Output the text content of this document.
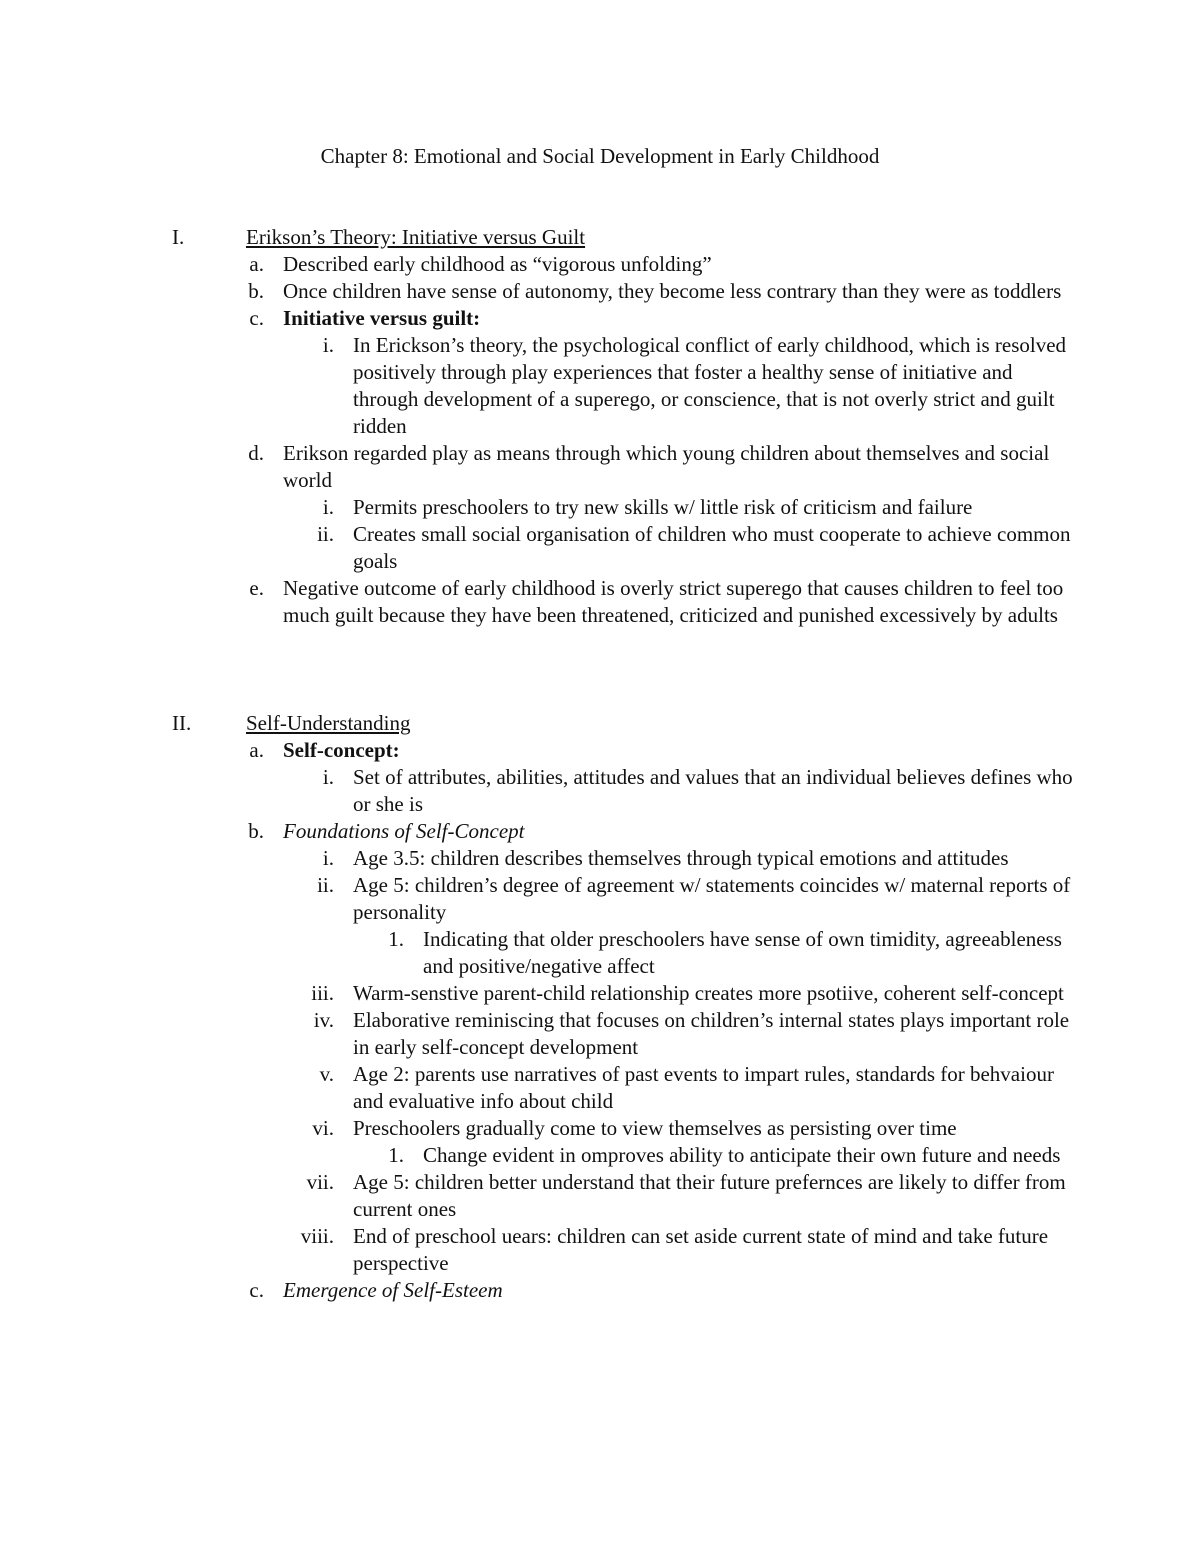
Chapter 8: Emotional and Social Development in Early Childhood
I.	Erikson’s Theory: Initiative versus Guilt
a. Described early childhood as “vigorous unfolding”
b. Once children have sense of autonomy, they become less contrary than they were as toddlers
c. Initiative versus guilt:
i. In Erickson’s theory, the psychological conflict of early childhood, which is resolved positively through play experiences that foster a healthy sense of initiative and through development of a superego, or conscience, that is not overly strict and guilt ridden
d. Erikson regarded play as means through which young children about themselves and social world
i. Permits preschoolers to try new skills w/ little risk of criticism and failure
ii. Creates small social organisation of children who must cooperate to achieve common goals
e. Negative outcome of early childhood is overly strict superego that causes children to feel too much guilt because they have been threatened, criticized and punished excessively by adults
II.	Self-Understanding
a. Self-concept:
i. Set of attributes, abilities, attitudes and values that an individual believes defines who or she is
b. Foundations of Self-Concept
i. Age 3.5: children describes themselves through typical emotions and attitudes
ii. Age 5: children’s degree of agreement w/ statements coincides w/ maternal reports of personality
1. Indicating that older preschoolers have sense of own timidity, agreeableness and positive/negative affect
iii. Warm-senstive parent-child relationship creates more psotiive, coherent self-concept
iv. Elaborative reminiscing that focuses on children’s internal states plays important role in early self-concept development
v. Age 2: parents use narratives of past events to impart rules, standards for behvaiour and evaluative info about child
vi. Preschoolers gradually come to view themselves as persisting over time
1. Change evident in omproves ability to anticipate their own future and needs
vii. Age 5: children better understand that their future prefernces are likely to differ from current ones
viii. End of preschool uears: children can set aside current state of mind and take future perspective
c. Emergence of Self-Esteem
